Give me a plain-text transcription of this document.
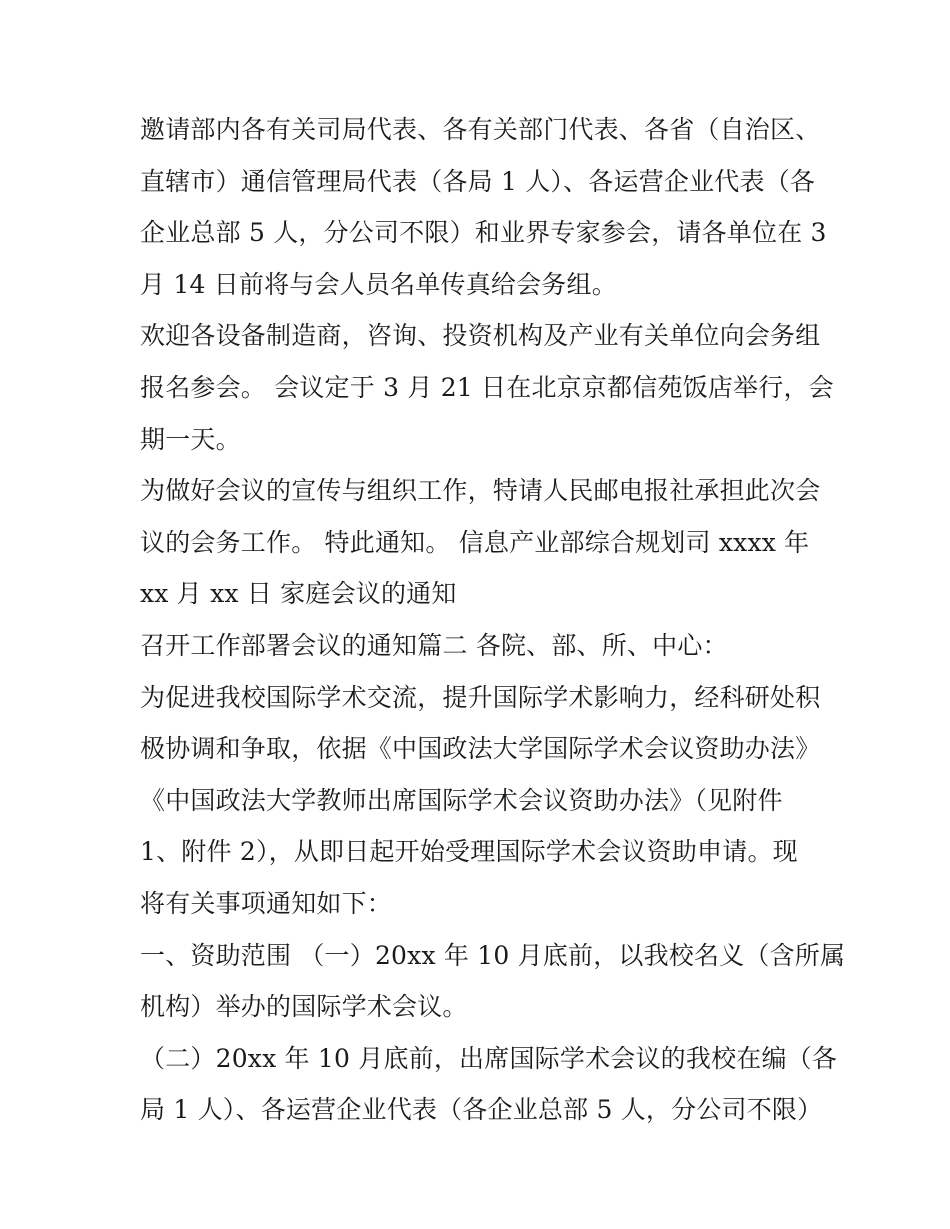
邀请部内各有关司局代表、各有关部门代表、各省（自治区、
直辖市）通信管理局代表（各局 1 人）、各运营企业代表（各
企业总部 5 人，分公司不限）和业界专家参会，请各单位在 3
月 14 日前将与会人员名单传真给会务组。
欢迎各设备制造商，咨询、投资机构及产业有关单位向会务组
报名参会。 会议定于 3 月 21 日在北京京都信苑饭店举行，会
期一天。
为做好会议的宣传与组织工作，特请人民邮电报社承担此次会
议的会务工作。 特此通知。 信息产业部综合规划司 xxxx 年
xx 月 xx 日 家庭会议的通知
召开工作部署会议的通知篇二 各院、部、所、中心：
为促进我校国际学术交流，提升国际学术影响力，经科研处积
极协调和争取，依据《中国政法大学国际学术会议资助办法》
《中国政法大学教师出席国际学术会议资助办法》（见附件
1、附件 2），从即日起开始受理国际学术会议资助申请。现
将有关事项通知如下：
一、资助范围 （一）20xx 年 10 月底前，以我校名义（含所属
机构）举办的国际学术会议。
（二）20xx 年 10 月底前，出席国际学术会议的我校在编（各
局 1 人）、各运营企业代表（各企业总部 5 人，分公司不限）
